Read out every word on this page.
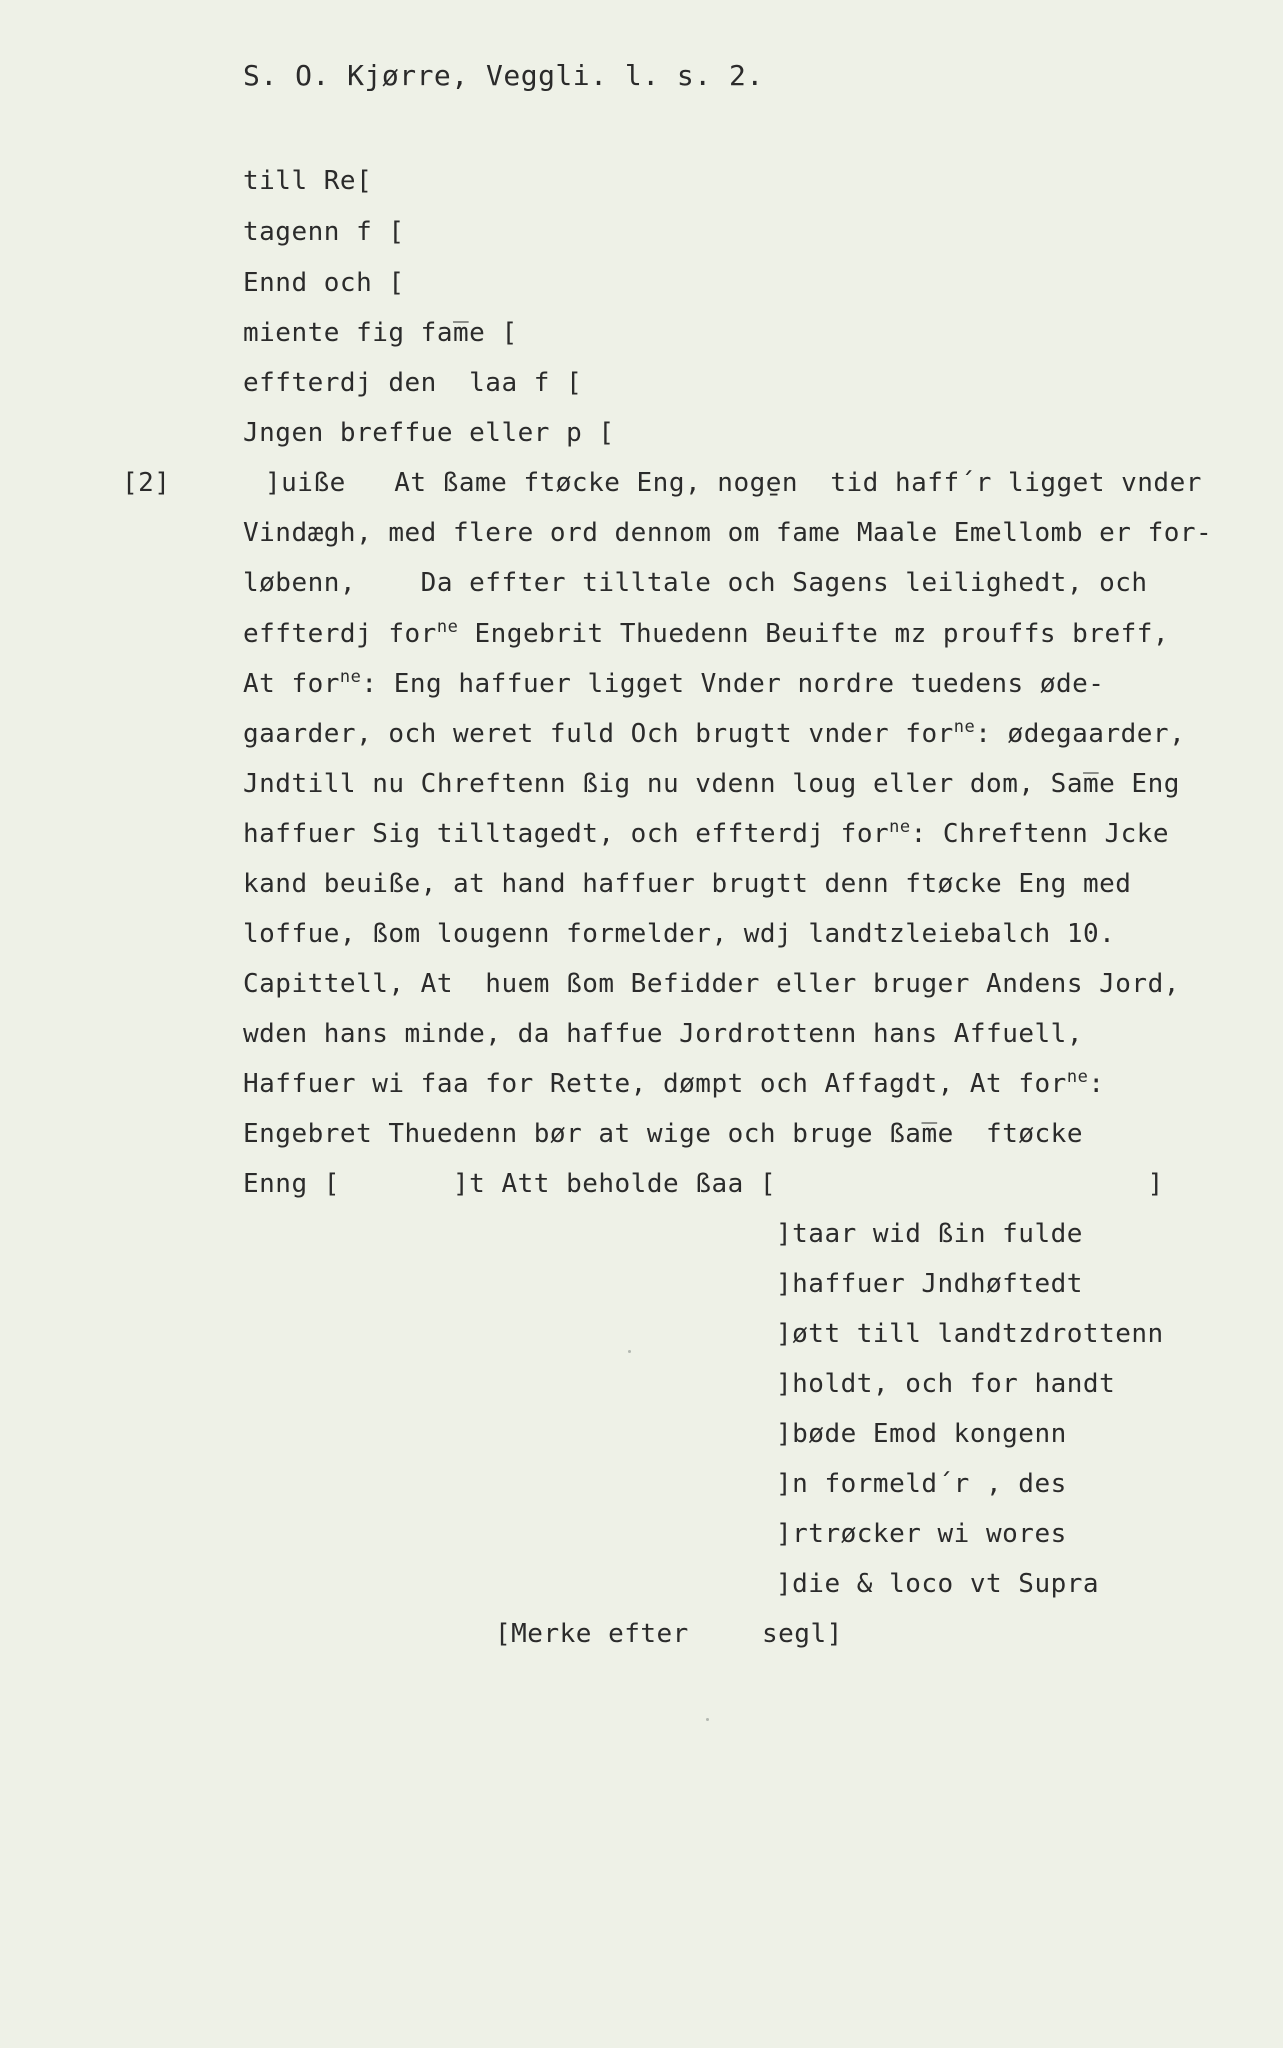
S. O. Kjørre, Veggli. l. s. 2.
[2]
till Re[
tagenn f [
Ennd och [
miente fig fam̅e [
effterdj den  laa f [
Jngen breffue eller p [
]uiße   At ßame ftøcke Eng, noge̱n  tid haff´r ligget vnder
Vindægh, med flere ord dennom om fame Maale Emellomb er for-
løbenn,    Da effter tilltale och Sagens leilighedt, och
effterdj for$^{ne}$ Engebrit Thuedenn Beuifte mz prouffs breff,
At for$^{ne}$: Eng haffuer ligget Vnder nordre tuedens øde-
gaarder, och weret fuld Och brugtt vnder for$^{ne}$: ødegaarder,
Jndtill nu Chreftenn ßig nu vdenn loug eller dom, Sam̅e Eng
haffuer Sig tilltagedt, och effterdj for$^{ne}$: Chreftenn Jcke
kand beuiße, at hand haffuer brugtt denn ftøcke Eng med
loffue, ßom lougenn formelder, wdj landtzleiebalch 10.
Capittell, At  huem ßom Befidder eller bruger Andens Jord,
wden hans minde, da haffue Jordrottenn hans Affuell,
Haffuer wi faa for Rette, dømpt och Affagdt, At for$^{ne}$:
Engebret Thuedenn bør at wige och bruge ßam̅e  ftøcke
Enng [       ]t Att beholde ßaa [                       ]
]taar wid ßin fulde
]haffuer Jndhøftedt
]øtt till landtzdrottenn
]holdt, och for handt
]bøde Emod kongenn
]n formeld´r , des
]rtrøcker wi wores
]die & loco vt Supra
[Merke efter	segl]
